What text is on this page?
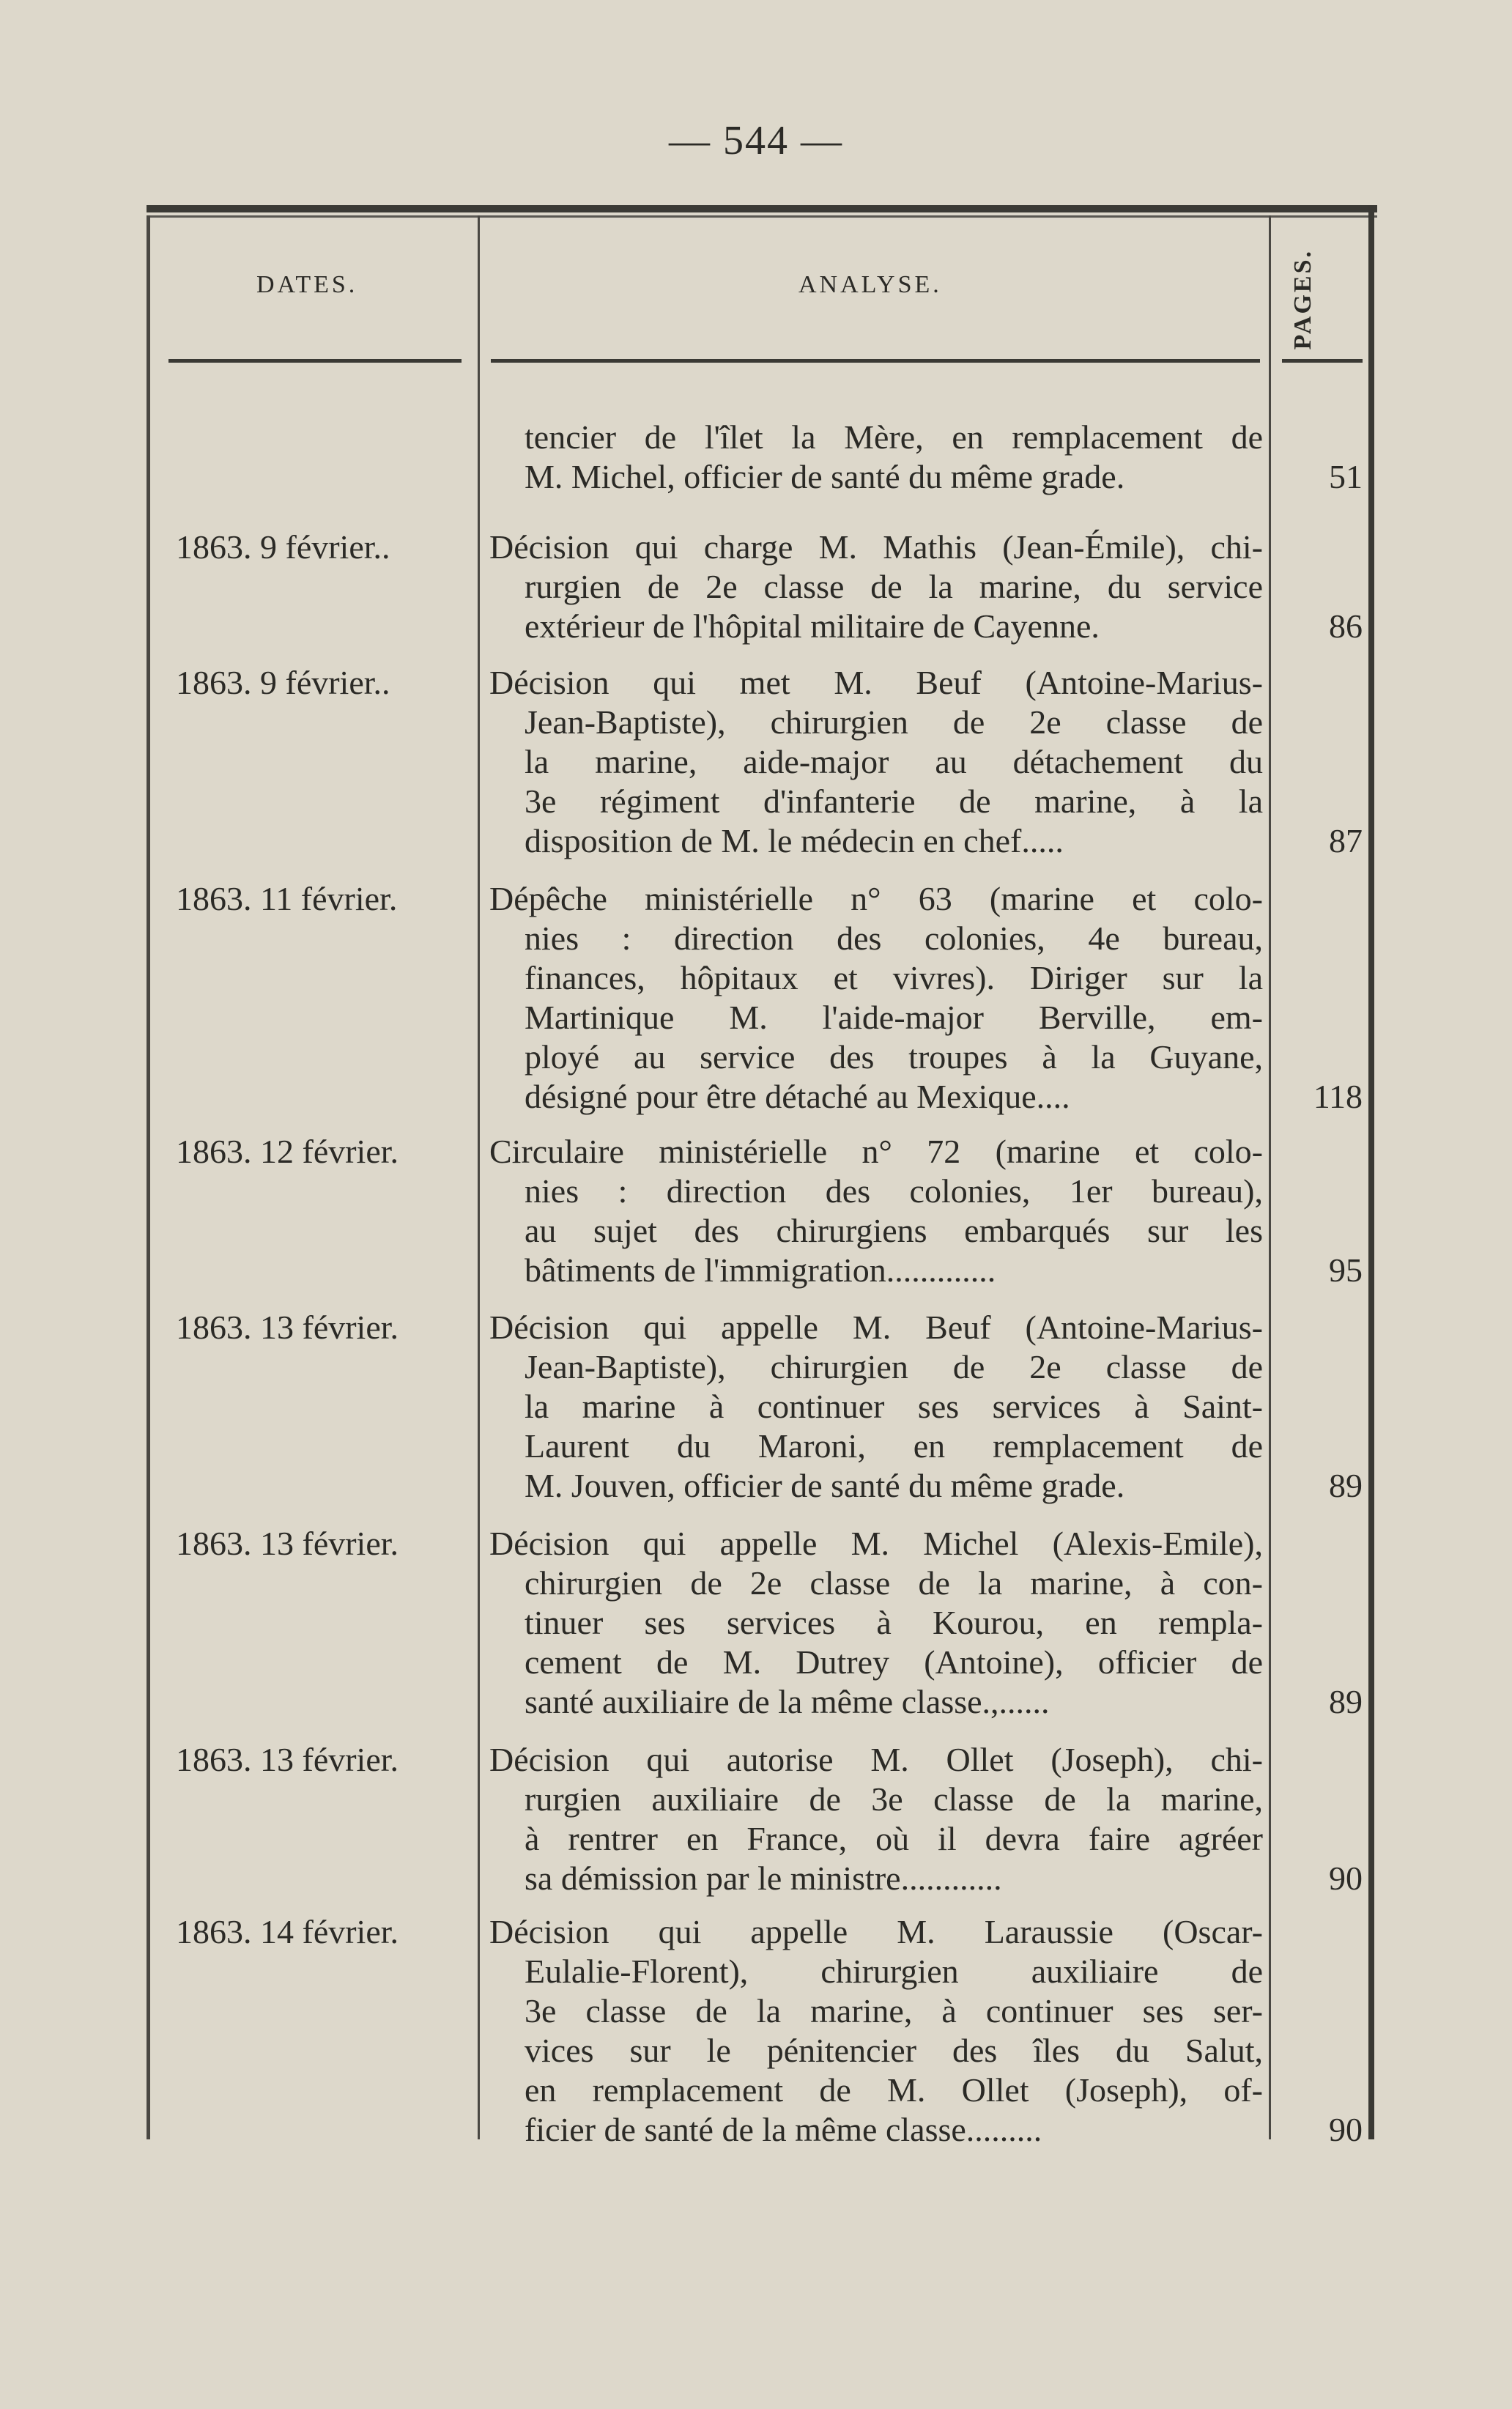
— 544 —
DATES.	ANALYSE.	PAGES.
tencier de l'îlet la Mère, en remplacement de
M. Michel, officier de santé du même grade.	51
1863. 9 février..	Décision qui charge M. Mathis (Jean-Émile), chi-
rurgien de 2e classe de la marine, du service
extérieur de l'hôpital militaire de Cayenne.	86
1863. 9 février..	Décision qui met M. Beuf (Antoine-Marius-
Jean-Baptiste), chirurgien de 2e classe de
la marine, aide-major au détachement du
3e régiment d'infanterie de marine, à la
disposition de M. le médecin en chef.....	87
1863. 11 février.	Dépêche ministérielle n° 63 (marine et colo-
nies : direction des colonies, 4e bureau,
finances, hôpitaux et vivres). Diriger sur la
Martinique M. l'aide-major Berville, em-
ployé au service des troupes à la Guyane,
désigné pour être détaché au Mexique....	118
1863. 12 février.	Circulaire ministérielle n° 72 (marine et colo-
nies : direction des colonies, 1er bureau),
au sujet des chirurgiens embarqués sur les
bâtiments de l'immigration.............	95
1863. 13 février.	Décision qui appelle M. Beuf (Antoine-Marius-
Jean-Baptiste), chirurgien de 2e classe de
la marine à continuer ses services à Saint-
Laurent du Maroni, en remplacement de
M. Jouven, officier de santé du même grade.	89
1863. 13 février.	Décision qui appelle M. Michel (Alexis-Emile),
chirurgien de 2e classe de la marine, à con-
tinuer ses services à Kourou, en rempla-
cement de M. Dutrey (Antoine), officier de
santé auxiliaire de la même classe.,......	89
1863. 13 février.	Décision qui autorise M. Ollet (Joseph), chi-
rurgien auxiliaire de 3e classe de la marine,
à rentrer en France, où il devra faire agréer
sa démission par le ministre............	90
1863. 14 février.	Décision qui appelle M. Laraussie (Oscar-
Eulalie-Florent), chirurgien auxiliaire de
3e classe de la marine, à continuer ses ser-
vices sur le pénitencier des îles du Salut,
en remplacement de M. Ollet (Joseph), of-
ficier de santé de la même classe.........	90
